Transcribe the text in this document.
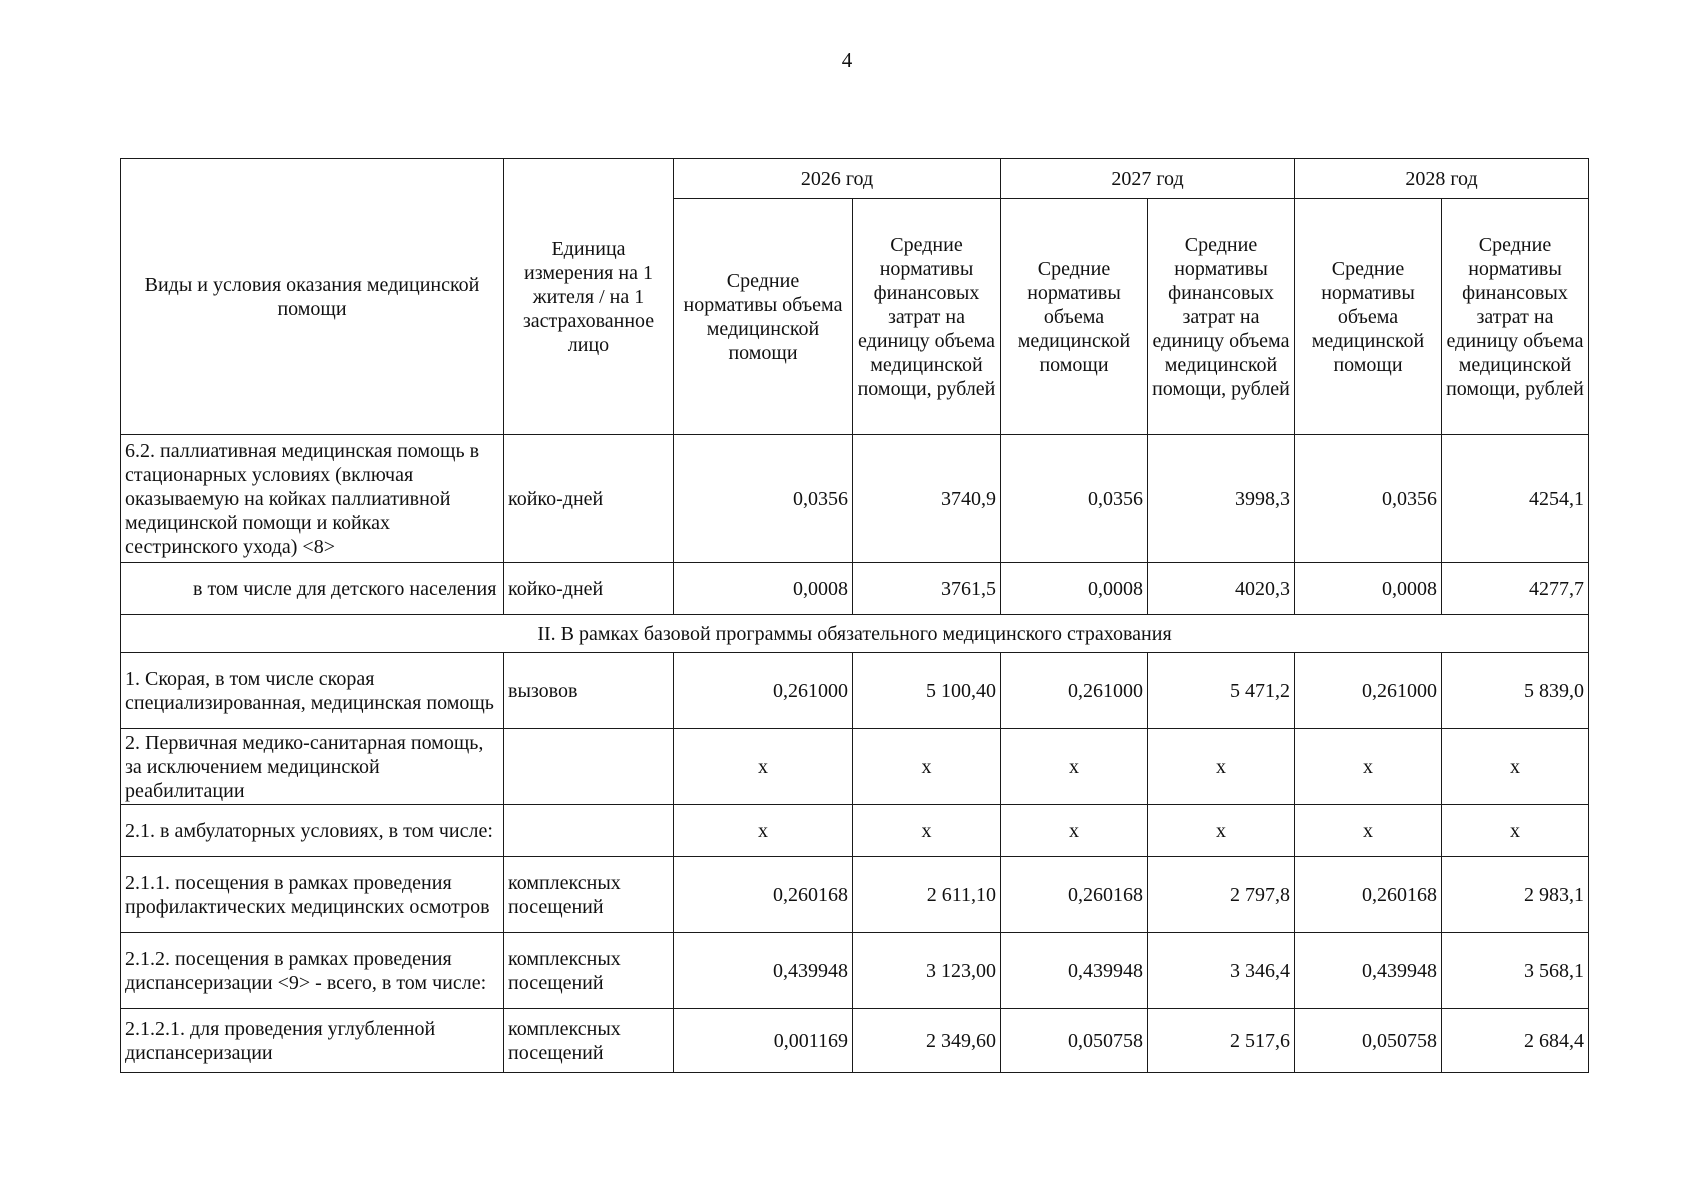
4
Виды и условия оказания медицинской помощи	Единица измерения на 1 жителя / на 1 застрахованное лицо	2026 год		2027 год		2028 год	
		Средние нормативы объема медицинской помощи	Средние нормативы финансовых затрат на единицу объема медицинской помощи, рублей	Средние нормативы объема медицинской помощи	Средние нормативы финансовых затрат на единицу объема медицинской помощи, рублей	Средние нормативы объема медицинской помощи	Средние нормативы финансовых затрат на единицу объема медицинской помощи, рублей
6.2. паллиативная медицинская помощь в стационарных условиях (включая оказываемую на койках паллиативной медицинской помощи и койках сестринского ухода) <8>	койко-дней	0,0356	3740,9	0,0356	3998,3	0,0356	4254,1

в том числе для детского населения	койко-дней	0,0008	3761,5	0,0008	4020,3	0,0008	4277,7
II. В рамках базовой программы обязательного медицинского страхования							
1. Скорая, в том числе скорая специализированная, медицинская помощь	вызовов	0,261000	5 100,40	0,261000	5 471,2	0,261000	5 839,0
2. Первичная медико-санитарная помощь, за исключением медицинской реабилитации		х	х	х	х	х	х
2.1. в амбулаторных условиях, в том числе:		х	х	х	х	х	х
2.1.1. посещения в рамках проведения профилактических медицинских осмотров	комплексных посещений	0,260168	2 611,10	0,260168	2 797,8	0,260168	2 983,1
2.1.2. посещения в рамках проведения диспансеризации <9> - всего, в том числе:	комплексных посещений	0,439948	3 123,00	0,439948	3 346,4	0,439948	3 568,1
2.1.2.1. для проведения углубленной диспансеризации	комплексных посещений	0,001169	2 349,60	0,050758	2 517,6	0,050758	2 684,4
